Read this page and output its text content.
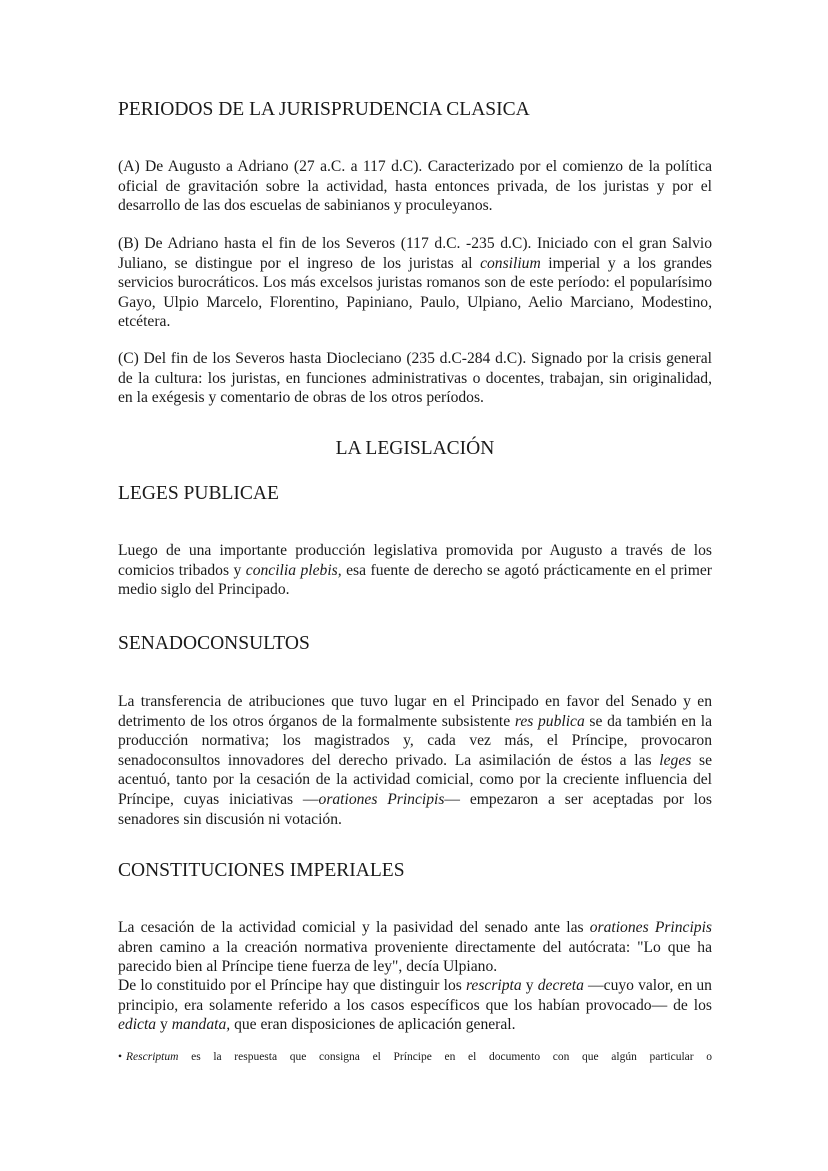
PERIODOS DE LA JURISPRUDENCIA CLASICA

(A) De Augusto a Adriano (27 a.C. a 117 d.C). Caracterizado por el comienzo de la política oficial de gravitación sobre la actividad, hasta entonces privada, de los juristas y por el desarrollo de las dos escuelas de sabinianos y proculeyanos.

(B) De Adriano hasta el fin de los Severos (117 d.C. -235 d.C). Iniciado con el gran Salvio Juliano, se distingue por el ingreso de los juristas al consilium imperial y a los grandes servicios burocráticos. Los más excelsos juristas romanos son de este período: el popularísimo Gayo, Ulpio Marcelo, Florentino, Papiniano, Paulo, Ulpiano, Aelio Marciano, Modestino, etcétera.

(C) Del fin de los Severos hasta Diocleciano (235 d.C-284 d.C). Signado por la crisis general de la cultura: los juristas, en funciones administrativas o docentes, trabajan, sin originalidad, en la exégesis y comentario de obras de los otros períodos.

LA LEGISLACIÓN
LEGES PUBLICAE

Luego de una importante producción legislativa promovida por Augusto a través de los comicios tribados y concilia plebis, esa fuente de derecho se agotó prácticamente en el primer medio siglo del Principado.

SENADOCONSULTOS

La transferencia de atribuciones que tuvo lugar en el Principado en favor del Senado y en detrimento de los otros órganos de la formalmente subsistente res publica se da también en la producción normativa; los magistrados y, cada vez más, el Príncipe, provocaron senadoconsultos innovadores del derecho privado. La asimilación de éstos a las leges se acentuó, tanto por la cesación de la actividad comicial, como por la creciente influencia del Príncipe, cuyas iniciativas —orationes Principis— empezaron a ser aceptadas por los senadores sin discusión ni votación.

CONSTITUCIONES IMPERIALES

La cesación de la actividad comicial y la pasividad del senado ante las orationes Principis abren camino a la creación normativa proveniente directamente del autócrata: "Lo que ha parecido bien al Príncipe tiene fuerza de ley", decía Ulpiano.

De lo constituido por el Príncipe hay que distinguir los rescripta y decreta —cuyo valor, en un principio, era solamente referido a los casos específicos que los habían provocado— de los edicta y mandata, que eran disposiciones de aplicación general.

• Rescriptum es la respuesta que consigna el Príncipe en el documento con que algún particular o
